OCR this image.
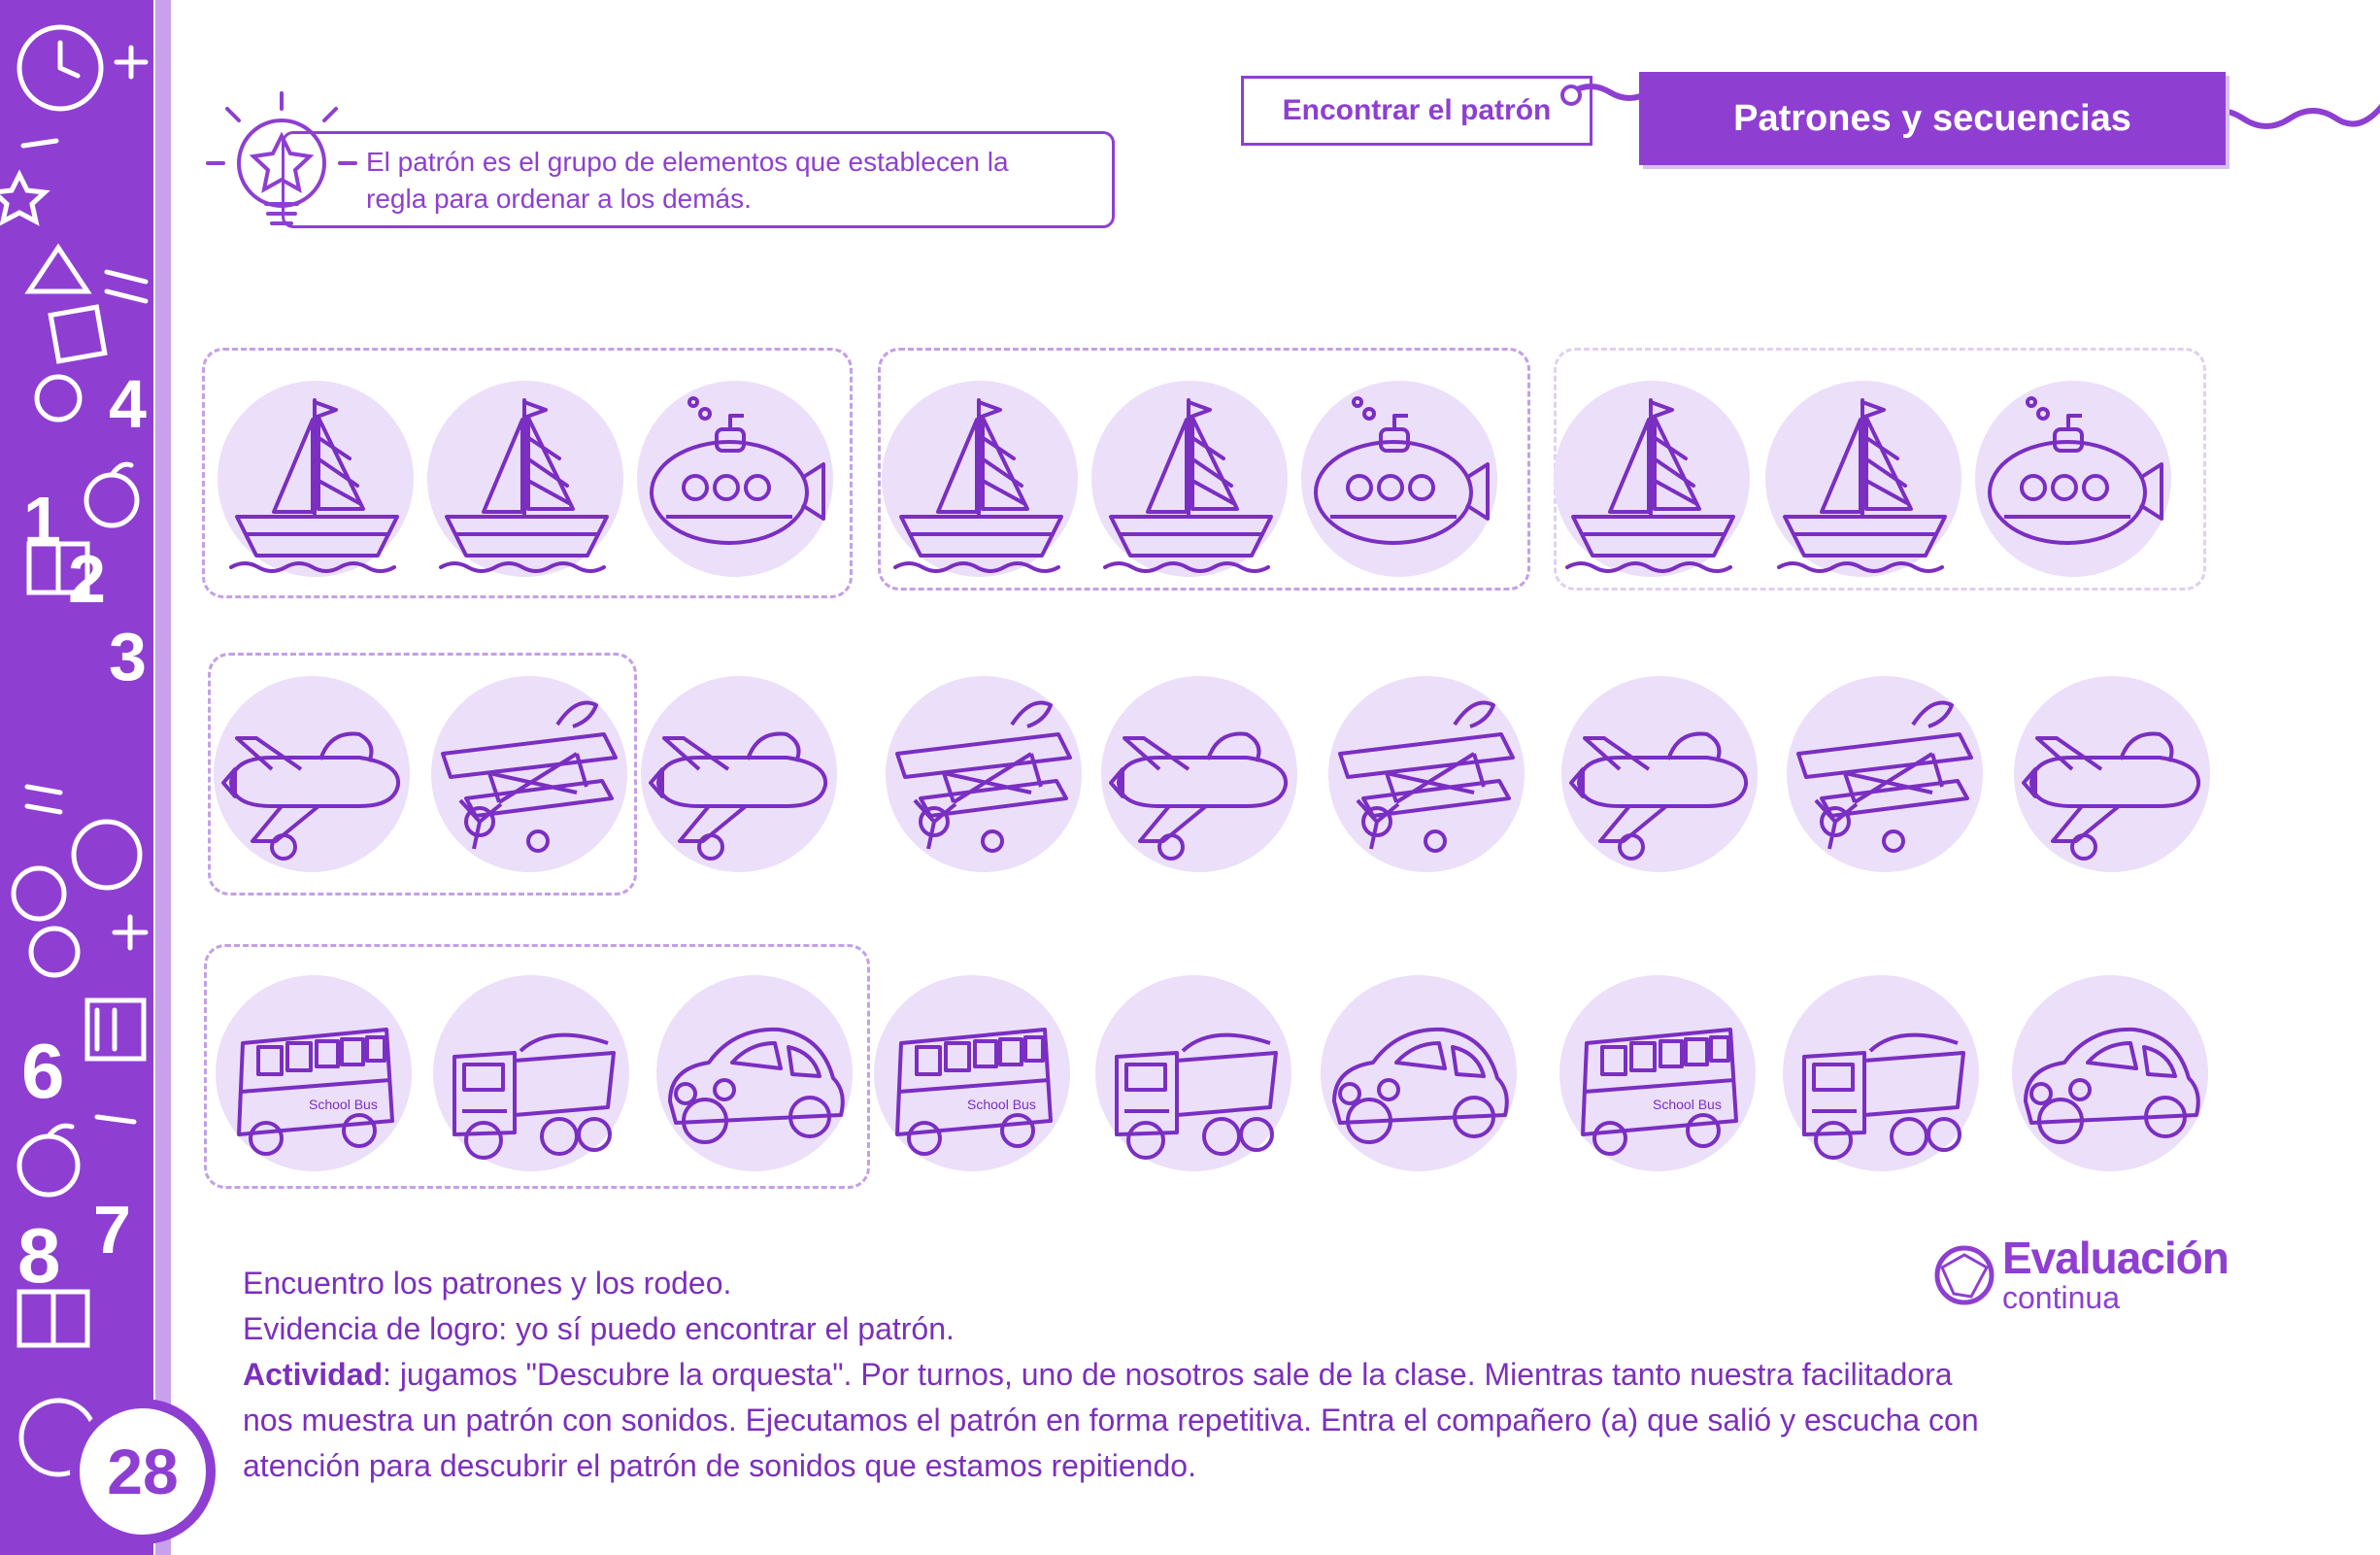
1
2
3
4
6
8 7
28
Encontrar el patrón	Patrones y secuencias
El patrón es el grupo de elementos que establecen la
regla para ordenar a los demás.
School Bus	School Bus	School Bus
Evaluación
continua

Encuentro los patrones y los rodeo.

Evidencia de logro: yo sí puedo encontrar el patrón.

Actividad: jugamos "Descubre la orquesta". Por turnos, uno de nosotros sale de la clase. Mientras tanto nuestra facilitadora

nos muestra un patrón con sonidos. Ejecutamos el patrón en forma repetitiva. Entra el compañero (a) que salió y escucha con

atención para descubrir el patrón de sonidos que estamos repitiendo.
